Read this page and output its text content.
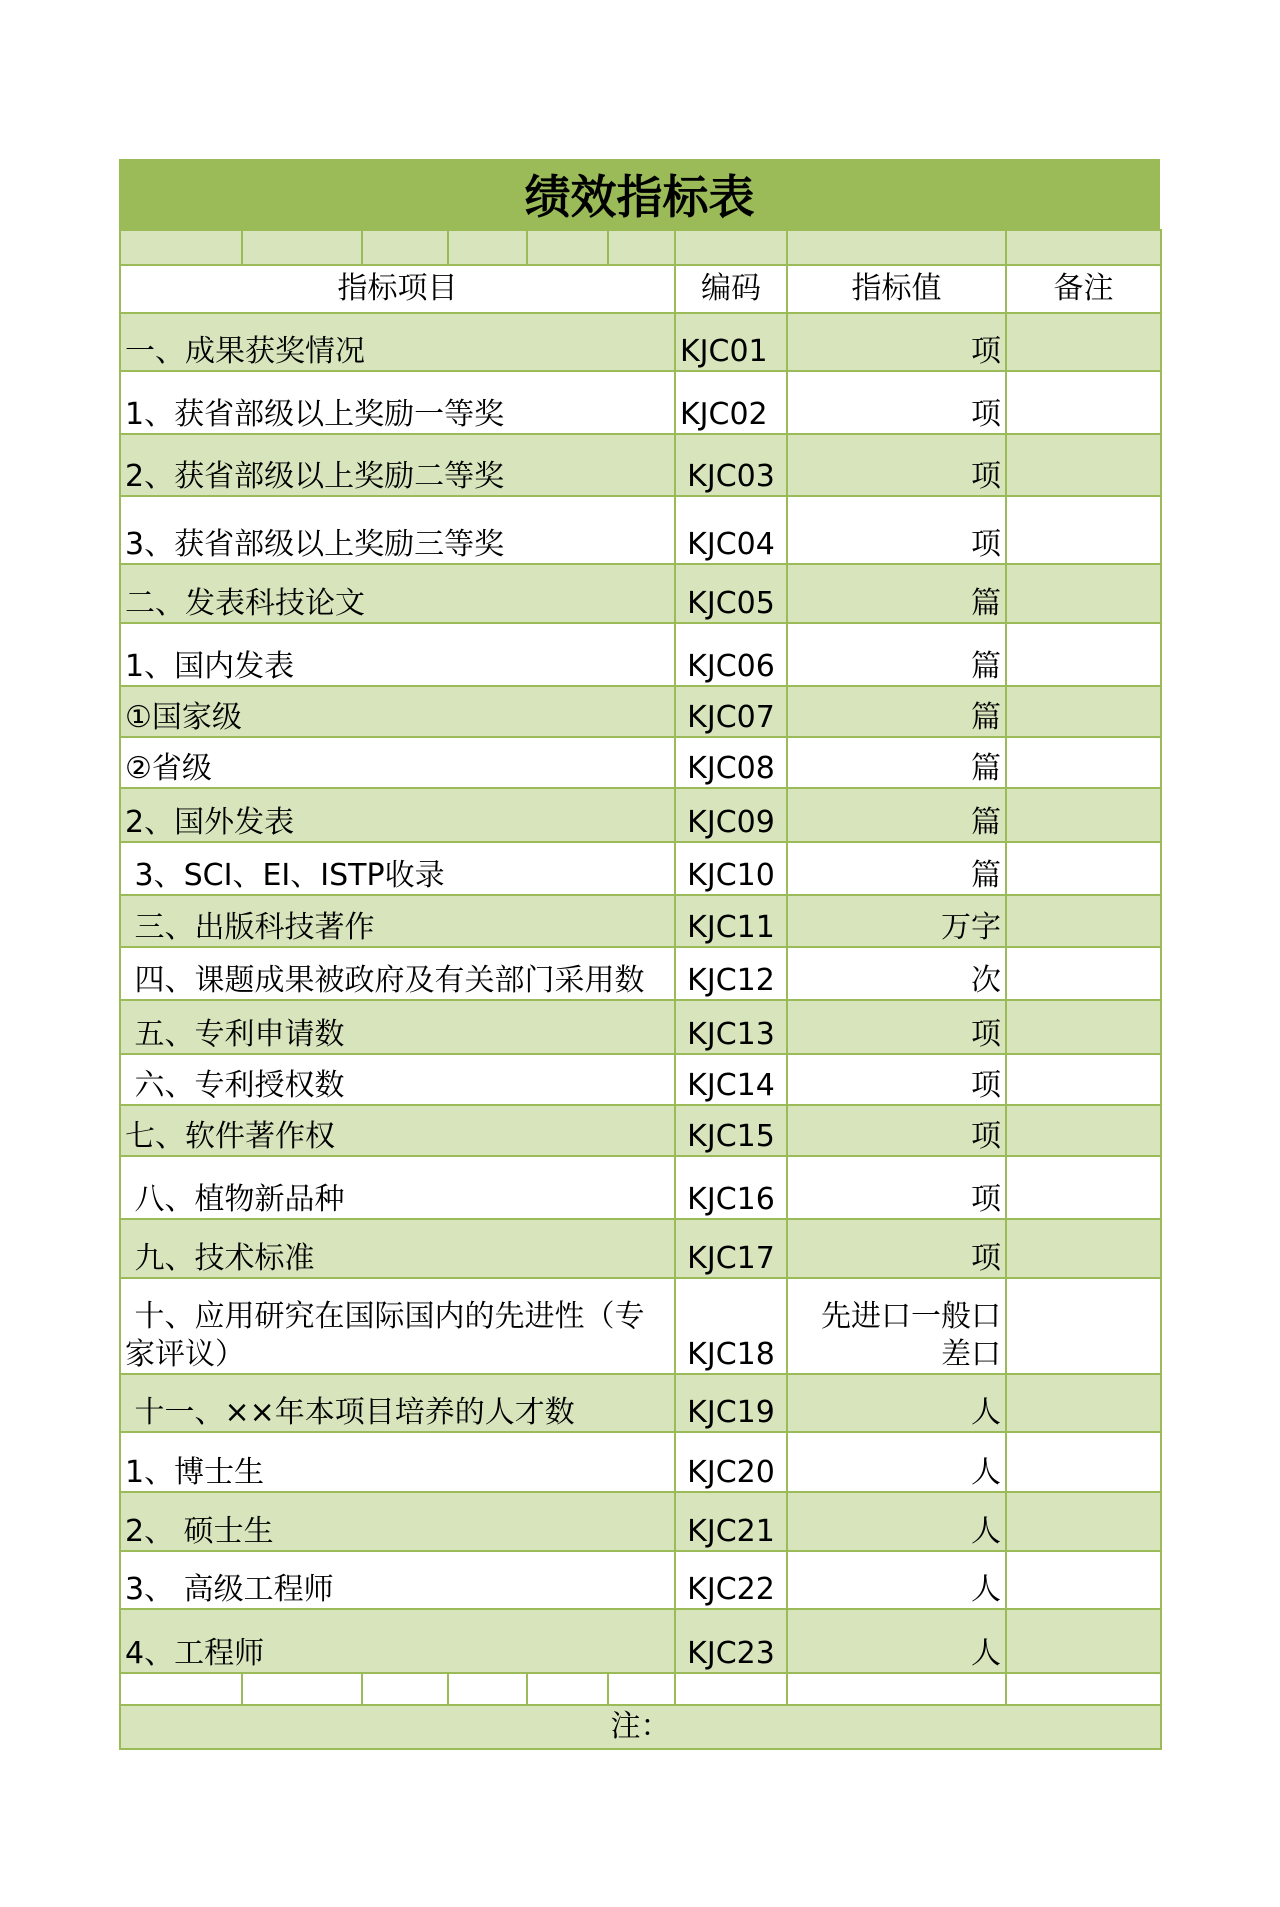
绩效指标表

指标项目						编码	指标值	备注
一、成果获奖情况						KJC01	项	
1、获省部级以上奖励一等奖						KJC02	项	
2、获省部级以上奖励二等奖						KJC03	项	
3、获省部级以上奖励三等奖						KJC04	项	
二、发表科技论文						KJC05	篇	
1、国内发表						KJC06	篇	
①国家级						KJC07	篇	
②省级						KJC08	篇	
2、国外发表						KJC09	篇	
3、SCI、EI、ISTP收录						KJC10	篇	
三、出版科技著作						KJC11	万字	
四、课题成果被政府及有关部门采用数						KJC12	次	
五、专利申请数						KJC13	项	
六、专利授权数						KJC14	项	
七、软件著作权						KJC15	项	
八、植物新品种						KJC16	项	
九、技术标准						KJC17	项	
十、应用研究在国际国内的先进性（专家评议）						KJC18	先进口一般口差口	
十一、××年本项目培养的人才数						KJC19	人	
1、博士生						KJC20	人	
2、 硕士生						KJC21	人	
3、 高级工程师						KJC22	人	
4、工程师						KJC23	人	

注：								
